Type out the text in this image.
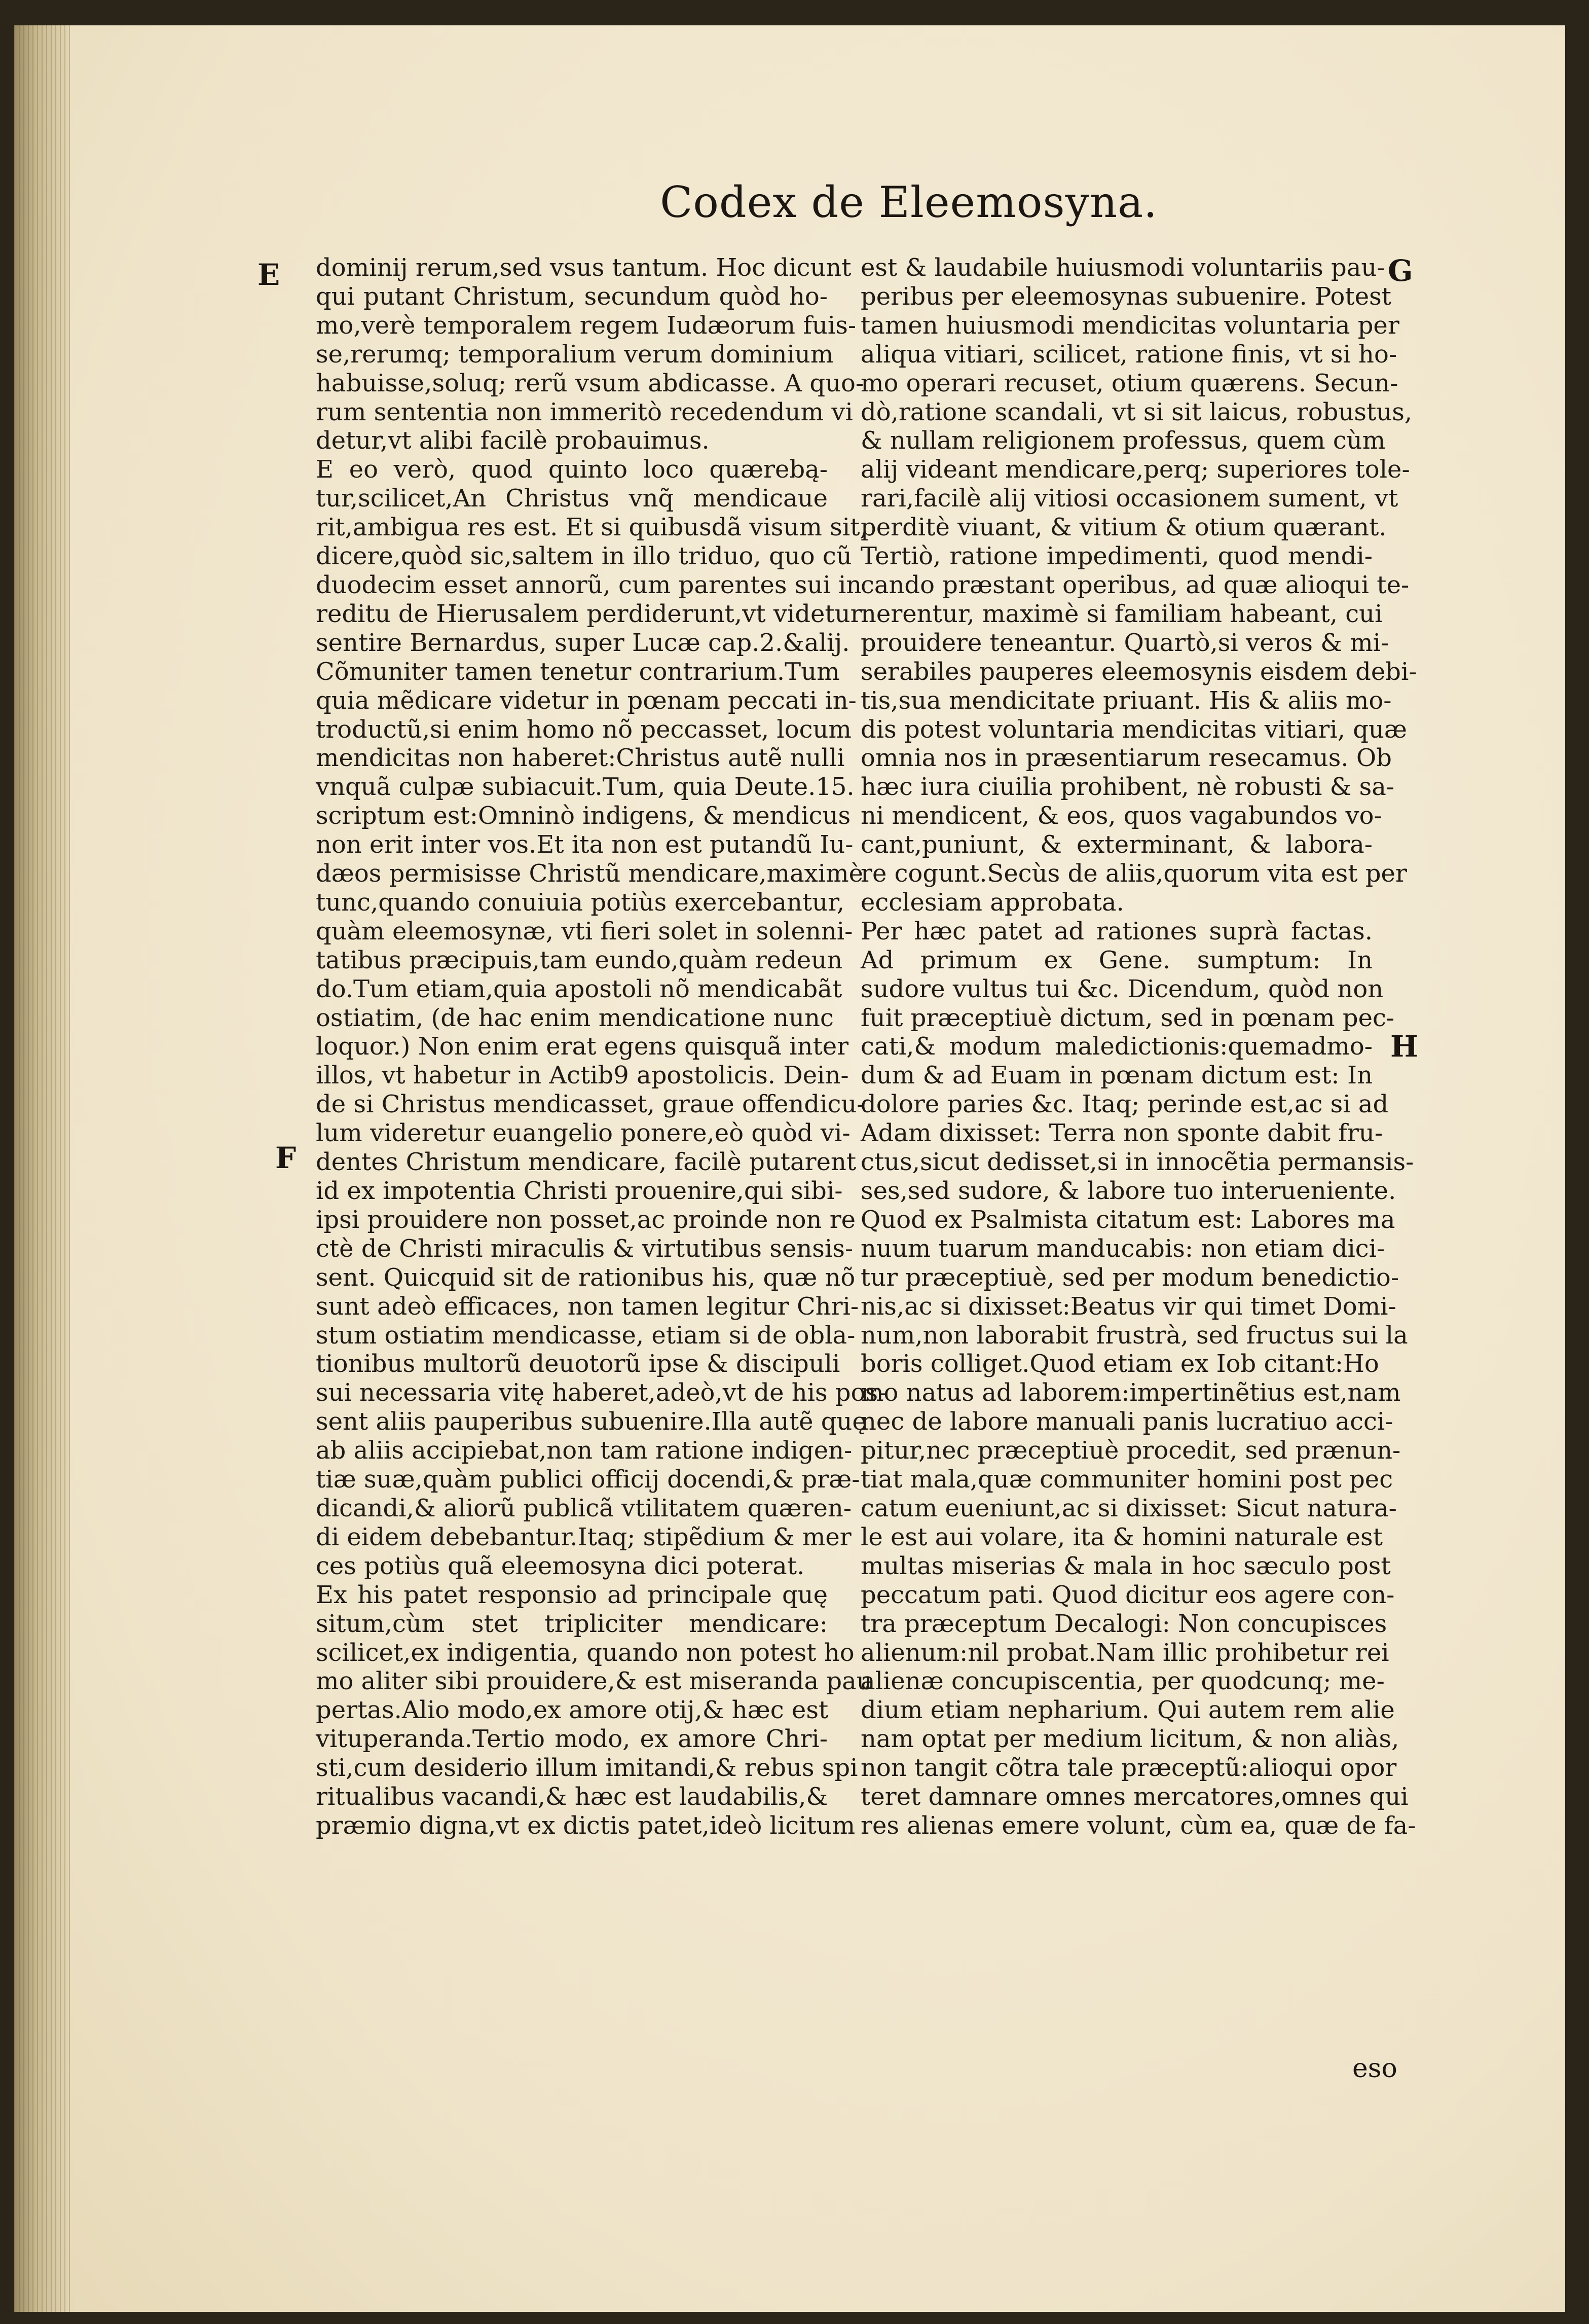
Codex de Eleemosyna.
E
F
G
H
dominij rerum,sed vsus tantum. Hoc dicunt
qui putant Christum, secundum quòd ho-
mo,verè temporalem regem Iudæorum fuis-
se,rerumq; temporalium verum dominium
habuisse,soluq; rerũ vsum abdicasse. A quo-
rum sententia non immeritò recedendum vi
detur,vt alibi facilè probauimus.
E eo verò, quod quinto loco quærebą-
tur,scilicet,An Christus vnq̃ mendicaue
rit,ambigua res est. Et si quibusdã visum sit,
dicere,quòd sic,saltem in illo triduo, quo cũ
duodecim esset annorũ, cum parentes sui in
reditu de Hierusalem perdiderunt,vt videtur
sentire Bernardus, super Lucæ cap.2.&alij.
Cõmuniter tamen tenetur contrarium.Tum
quia mẽdicare videtur in pœnam peccati in-
troductũ,si enim homo nõ peccasset, locum
mendicitas non haberet:Christus autẽ nulli
vnquã culpæ subiacuit.Tum, quia Deute.15.
scriptum est:Omninò indigens, & mendicus
non erit inter vos.Et ita non est putandũ Iu-
dæos permisisse Christũ mendicare,maximè
tunc,quando conuiuia potiùs exercebantur,
quàm eleemosynæ, vti fieri solet in solenni-
tatibus præcipuis,tam eundo,quàm redeun
do.Tum etiam,quia apostoli nõ mendicabãt
ostiatim, (de hac enim mendicatione nunc
loquor.) Non enim erat egens quisquã inter
illos, vt habetur in Actib9 apostolicis. Dein-
de si Christus mendicasset, graue offendicu-
lum videretur euangelio ponere,eò quòd vi-
dentes Christum mendicare, facilè putarent
id ex impotentia Christi prouenire,qui sibi-
ipsi prouidere non posset,ac proinde non re
ctè de Christi miraculis & virtutibus sensis-
sent. Quicquid sit de rationibus his, quæ nõ
sunt adeò efficaces, non tamen legitur Chri-
stum ostiatim mendicasse, etiam si de obla-
tionibus multorũ deuotorũ ipse & discipuli
sui necessaria vitę haberet,adeò,vt de his pos-
sent aliis pauperibus subuenire.Illa autẽ quę
ab aliis accipiebat,non tam ratione indigen-
tiæ suæ,quàm publici officij docendi,& præ-
dicandi,& aliorũ publicã vtilitatem quæren-
di eidem debebantur.Itaq; stipẽdium & mer
ces potiùs quã eleemosyna dici poterat.
Ex his patet responsio ad principale quę
situm,cùm stet tripliciter mendicare:
scilicet,ex indigentia, quando non potest ho
mo aliter sibi prouidere,& est miseranda pau
pertas.Alio modo,ex amore otij,& hæc est
vituperanda.Tertio modo, ex amore Chri-
sti,cum desiderio illum imitandi,& rebus spi
ritualibus vacandi,& hæc est laudabilis,&
præmio digna,vt ex dictis patet,ideò licitum
est & laudabile huiusmodi voluntariis pau-
peribus per eleemosynas subuenire. Potest
tamen huiusmodi mendicitas voluntaria per
aliqua vitiari, scilicet, ratione finis, vt si ho-
mo operari recuset, otium quærens. Secun-
dò,ratione scandali, vt si sit laicus, robustus,
& nullam religionem professus, quem cùm
alij videant mendicare,perq; superiores tole-
rari,facilè alij vitiosi occasionem sument, vt
perditè viuant, & vitium & otium quærant.
Tertiò, ratione impedimenti, quod mendi-
cando præstant operibus, ad quæ alioqui te-
nerentur, maximè si familiam habeant, cui
prouidere teneantur. Quartò,si veros & mi-
serabiles pauperes eleemosynis eisdem debi-
tis,sua mendicitate priuant. His & aliis mo-
dis potest voluntaria mendicitas vitiari, quæ
omnia nos in præsentiarum resecamus. Ob
hæc iura ciuilia prohibent, nè robusti & sa-
ni mendicent, & eos, quos vagabundos vo-
cant,puniunt, & exterminant, & labora-
re cogunt.Secùs de aliis,quorum vita est per
ecclesiam approbata.
Per hæc patet ad rationes suprà factas.
Ad primum ex Gene. sumptum: In
sudore vultus tui &c. Dicendum, quòd non
fuit præceptiuè dictum, sed in pœnam pec-
cati,& modum maledictionis:quemadmo-
dum & ad Euam in pœnam dictum est: In
dolore paries &c. Itaq; perinde est,ac si ad
Adam dixisset: Terra non sponte dabit fru-
ctus,sicut dedisset,si in innocẽtia permansis-
ses,sed sudore, & labore tuo interueniente.
Quod ex Psalmista citatum est: Labores ma
nuum tuarum manducabis: non etiam dici-
tur præceptiuè, sed per modum benedictio-
nis,ac si dixisset:Beatus vir qui timet Domi-
num,non laborabit frustrà, sed fructus sui la
boris colliget.Quod etiam ex Iob citant:Ho
mo natus ad laborem:impertinẽtius est,nam
nec de labore manuali panis lucratiuo acci-
pitur,nec præceptiuè procedit, sed prænun-
tiat mala,quæ communiter homini post pec
catum eueniunt,ac si dixisset: Sicut natura-
le est aui volare, ita & homini naturale est
multas miserias & mala in hoc sæculo post
peccatum pati. Quod dicitur eos agere con-
tra præceptum Decalogi: Non concupisces
alienum:nil probat.Nam illic prohibetur rei
alienæ concupiscentia, per quodcunq; me-
dium etiam nepharium. Qui autem rem alie
nam optat per medium licitum, & non aliàs,
non tangit cõtra tale præceptũ:alioqui opor
teret damnare omnes mercatores,omnes qui
res alienas emere volunt, cùm ea, quæ de fa-
eso
